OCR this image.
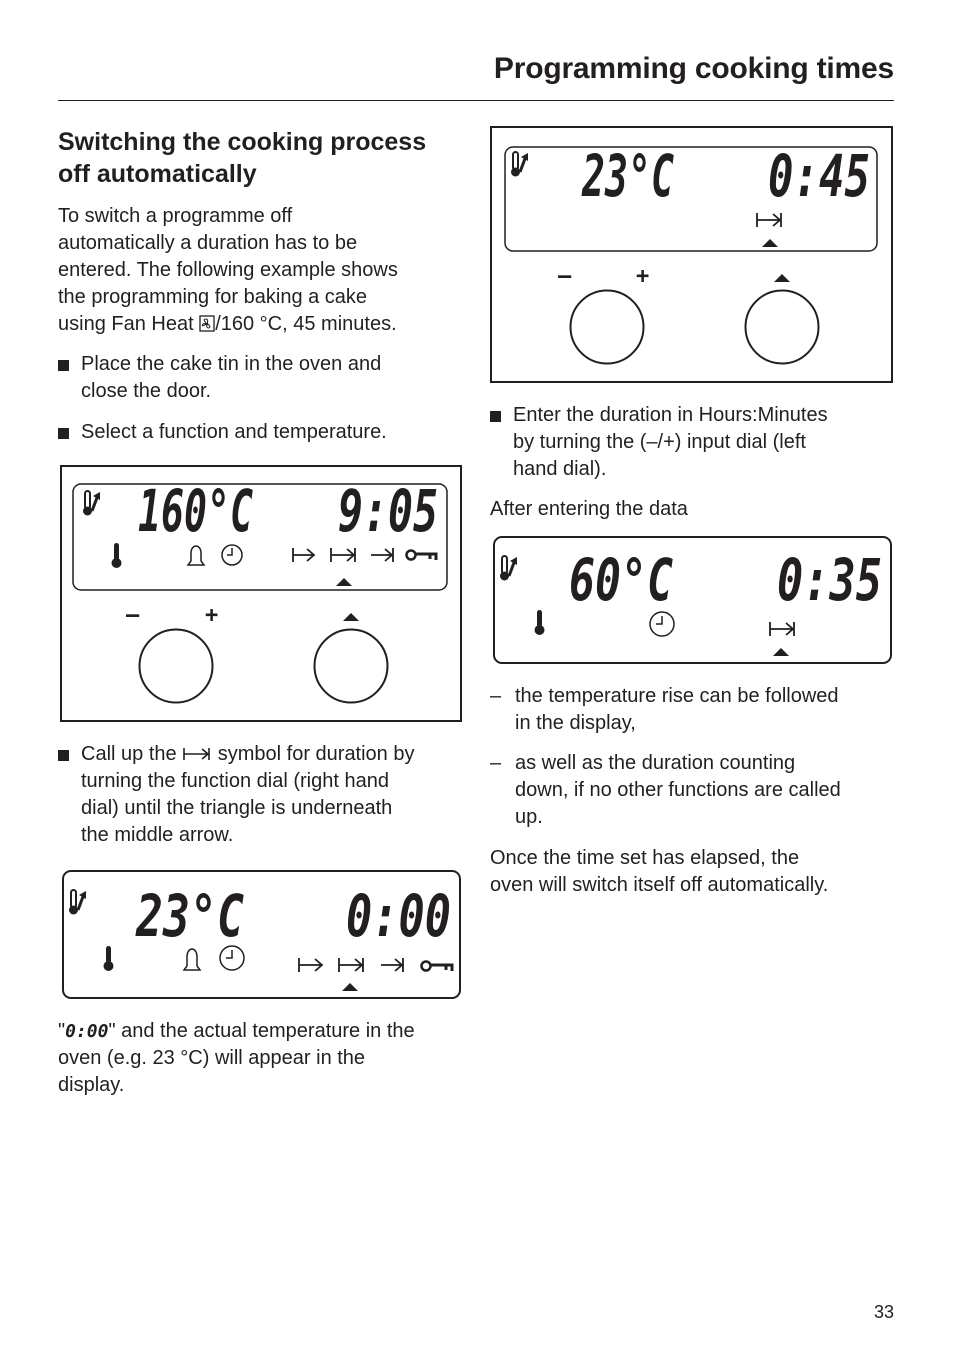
Programming cooking times
Switching the cooking process
off automatically
To switch a programme off
automatically a duration has to be
entered. The following example shows
the programming for baking a cake
using Fan Heat /160 °C, 45 minutes.
Place the cake tin in the oven and
close the door.
Select a function and temperature.
160°C 9:05
–	+
Call up the  symbol for duration by
turning the function dial (right hand
dial) until the triangle is underneath
the middle arrow.
23°C 0:00
"0:00" and the actual temperature in the
oven (e.g. 23 °C) will appear in the
display.
23°C 0:45
–	+
Enter the duration in Hours:Minutes
by turning the (–/+) input dial (left
hand dial).
After entering the data
60°C 0:35
– the temperature rise can be followed
in the display,
– as well as the duration counting
down, if no other functions are called
up.
Once the time set has elapsed, the
oven will switch itself off automatically.
33
